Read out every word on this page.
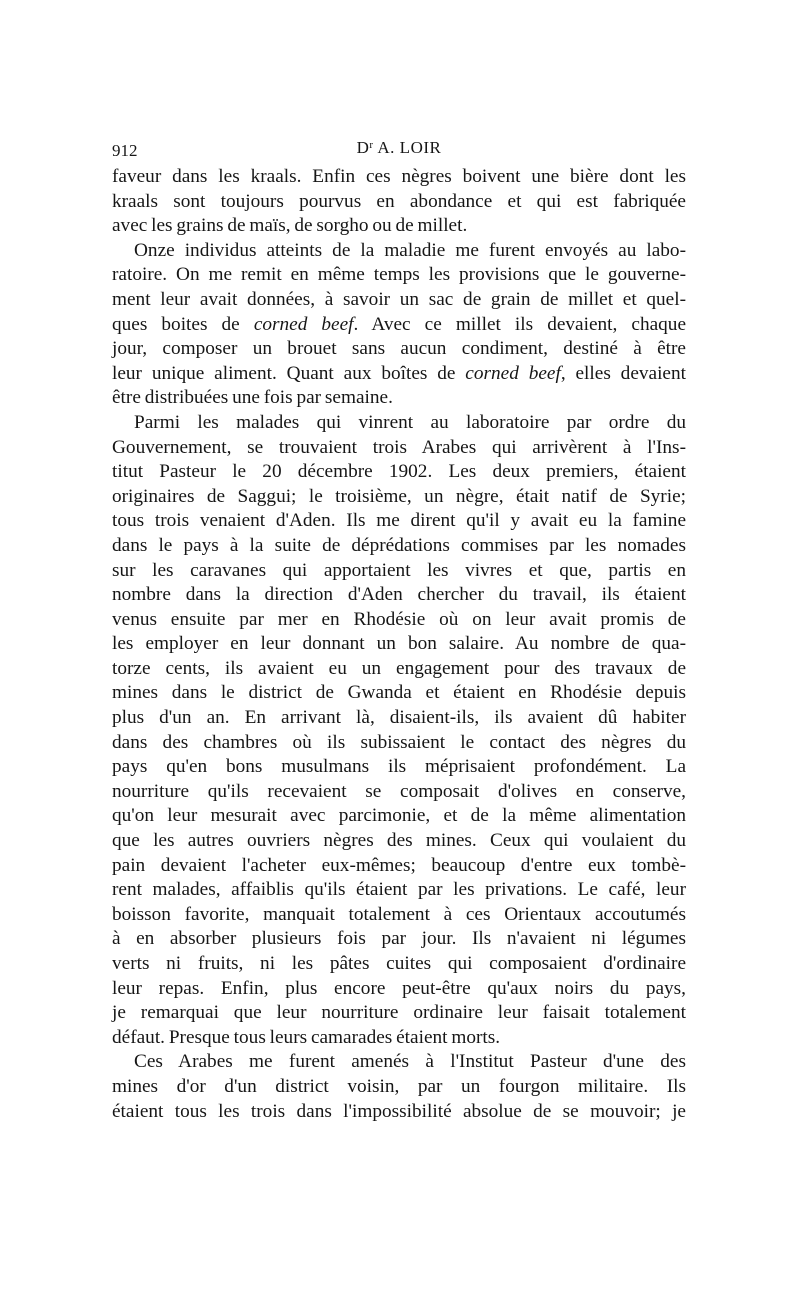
912	$D^r$ A. LOIR

faveur dans les kraals. Enfin ces nègres boivent une bière dont les
kraals sont toujours pourvus en abondance et qui est fabriquée
avec les grains de maïs, de sorgho ou de millet.

Onze individus atteints de la maladie me furent envoyés au labo-
ratoire. On me remit en même temps les provisions que le gouverne-
ment leur avait données, à savoir un sac de grain de millet et quel-
ques boites de corned beef. Avec ce millet ils devaient, chaque
jour, composer un brouet sans aucun condiment, destiné à être
leur unique aliment. Quant aux boîtes de corned beef, elles devaient
être distribuées une fois par semaine.

Parmi les malades qui vinrent au laboratoire par ordre du
Gouvernement, se trouvaient trois Arabes qui arrivèrent à l'Ins-
titut Pasteur le 20 décembre 1902. Les deux premiers, étaient
originaires de Saggui; le troisième, un nègre, était natif de Syrie;
tous trois venaient d'Aden. Ils me dirent qu'il y avait eu la famine
dans le pays à la suite de déprédations commises par les nomades
sur les caravanes qui apportaient les vivres et que, partis en
nombre dans la direction d'Aden chercher du travail, ils étaient
venus ensuite par mer en Rhodésie où on leur avait promis de
les employer en leur donnant un bon salaire. Au nombre de qua-
torze cents, ils avaient eu un engagement pour des travaux de
mines dans le district de Gwanda et étaient en Rhodésie depuis
plus d'un an. En arrivant là, disaient-ils, ils avaient dû habiter
dans des chambres où ils subissaient le contact des nègres du
pays qu'en bons musulmans ils méprisaient profondément. La
nourriture qu'ils recevaient se composait d'olives en conserve,
qu'on leur mesurait avec parcimonie, et de la même alimentation
que les autres ouvriers nègres des mines. Ceux qui voulaient du
pain devaient l'acheter eux-mêmes; beaucoup d'entre eux tombè-
rent malades, affaiblis qu'ils étaient par les privations. Le café, leur
boisson favorite, manquait totalement à ces Orientaux accoutumés
à en absorber plusieurs fois par jour. Ils n'avaient ni légumes
verts ni fruits, ni les pâtes cuites qui composaient d'ordinaire
leur repas. Enfin, plus encore peut-être qu'aux noirs du pays,
je remarquai que leur nourriture ordinaire leur faisait totalement
défaut. Presque tous leurs camarades étaient morts.

Ces Arabes me furent amenés à l'Institut Pasteur d'une des
mines d'or d'un district voisin, par un fourgon militaire. Ils
étaient tous les trois dans l'impossibilité absolue de se mouvoir; je
